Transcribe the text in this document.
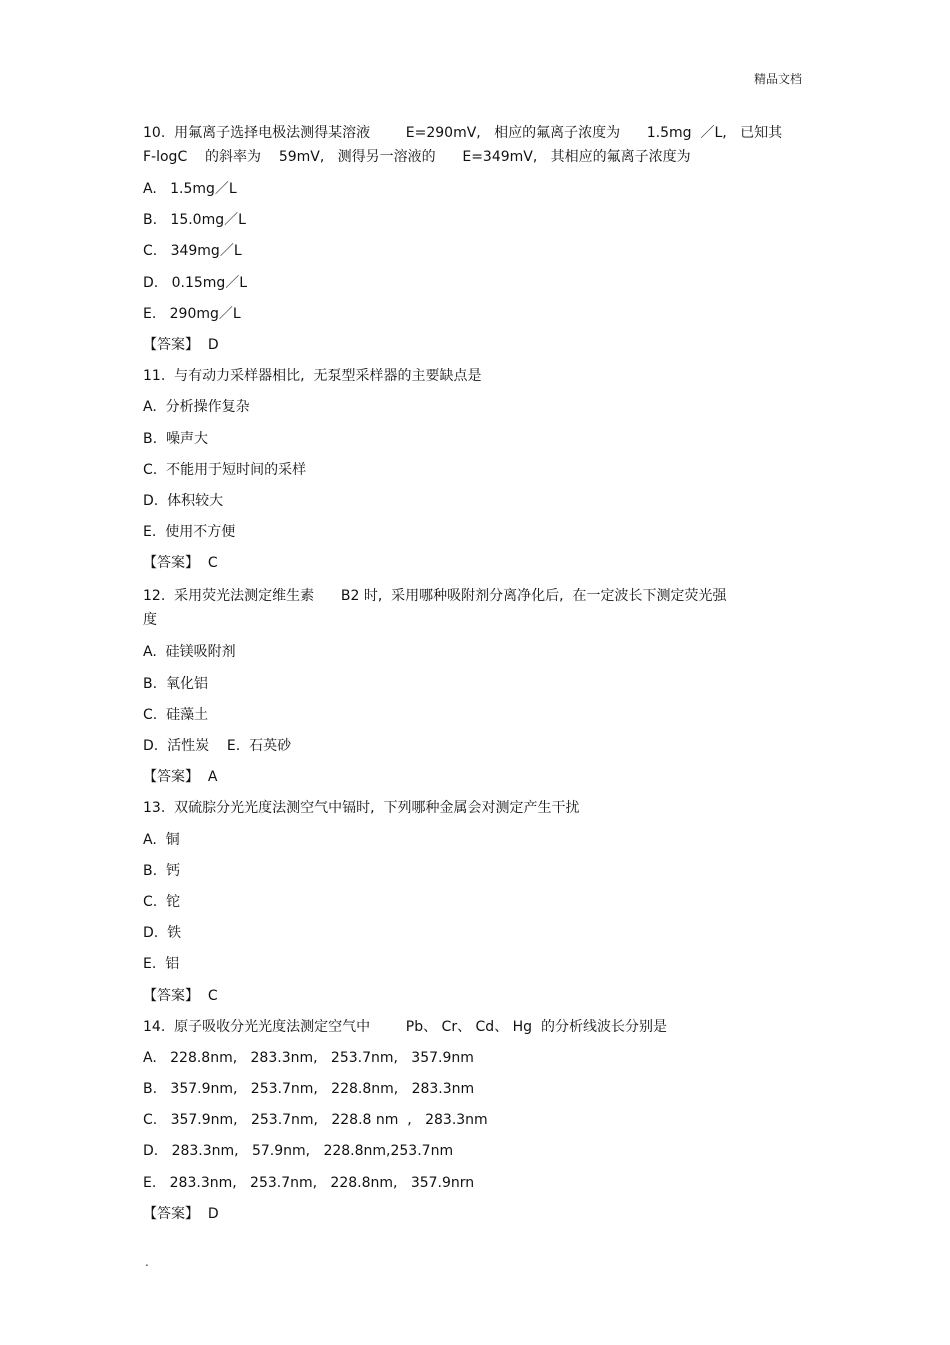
精品文档
10.  用氟离子选择电极法测得某溶液        E=290mV,   相应的氟离子浓度为      1.5mg  ／L,   已知其
F-logC    的斜率为    59mV,   测得另一溶液的      E=349mV,   其相应的氟离子浓度为
A.   1.5mg／L
B.   15.0mg／L
C.   349mg／L
D.   0.15mg／L
E.   290mg／L
【答案】  D
11.  与有动力采样器相比,  无泵型采样器的主要缺点是
A.  分析操作复杂
B.  噪声大
C.  不能用于短时间的采样
D.  体积较大
E.  使用不方便
【答案】  C
12.  采用荧光法测定维生素      B2 时,  采用哪种吸附剂分离净化后,  在一定波长下测定荧光强
度
A.  硅镁吸附剂
B.  氧化铝
C.  硅藻土
D.  活性炭    E.  石英砂
【答案】  A
13.  双硫腙分光光度法测空气中镉时,  下列哪种金属会对测定产生干扰
A.  铜
B.  钙
C.  铊
D.  铁
E.  铝
【答案】  C
14.  原子吸收分光光度法测定空气中        Pb、 Cr、 Cd、 Hg  的分析线波长分别是
A.   228.8nm,   283.3nm,   253.7nm,   357.9nm
B.   357.9nm,   253.7nm,   228.8nm,   283.3nm
C.   357.9nm,   253.7nm,   228.8 nm  ,   283.3nm
D.   283.3nm,   57.9nm,   228.8nm,253.7nm
E.   283.3nm,   253.7nm,   228.8nm,   357.9nrn
【答案】  D
.
